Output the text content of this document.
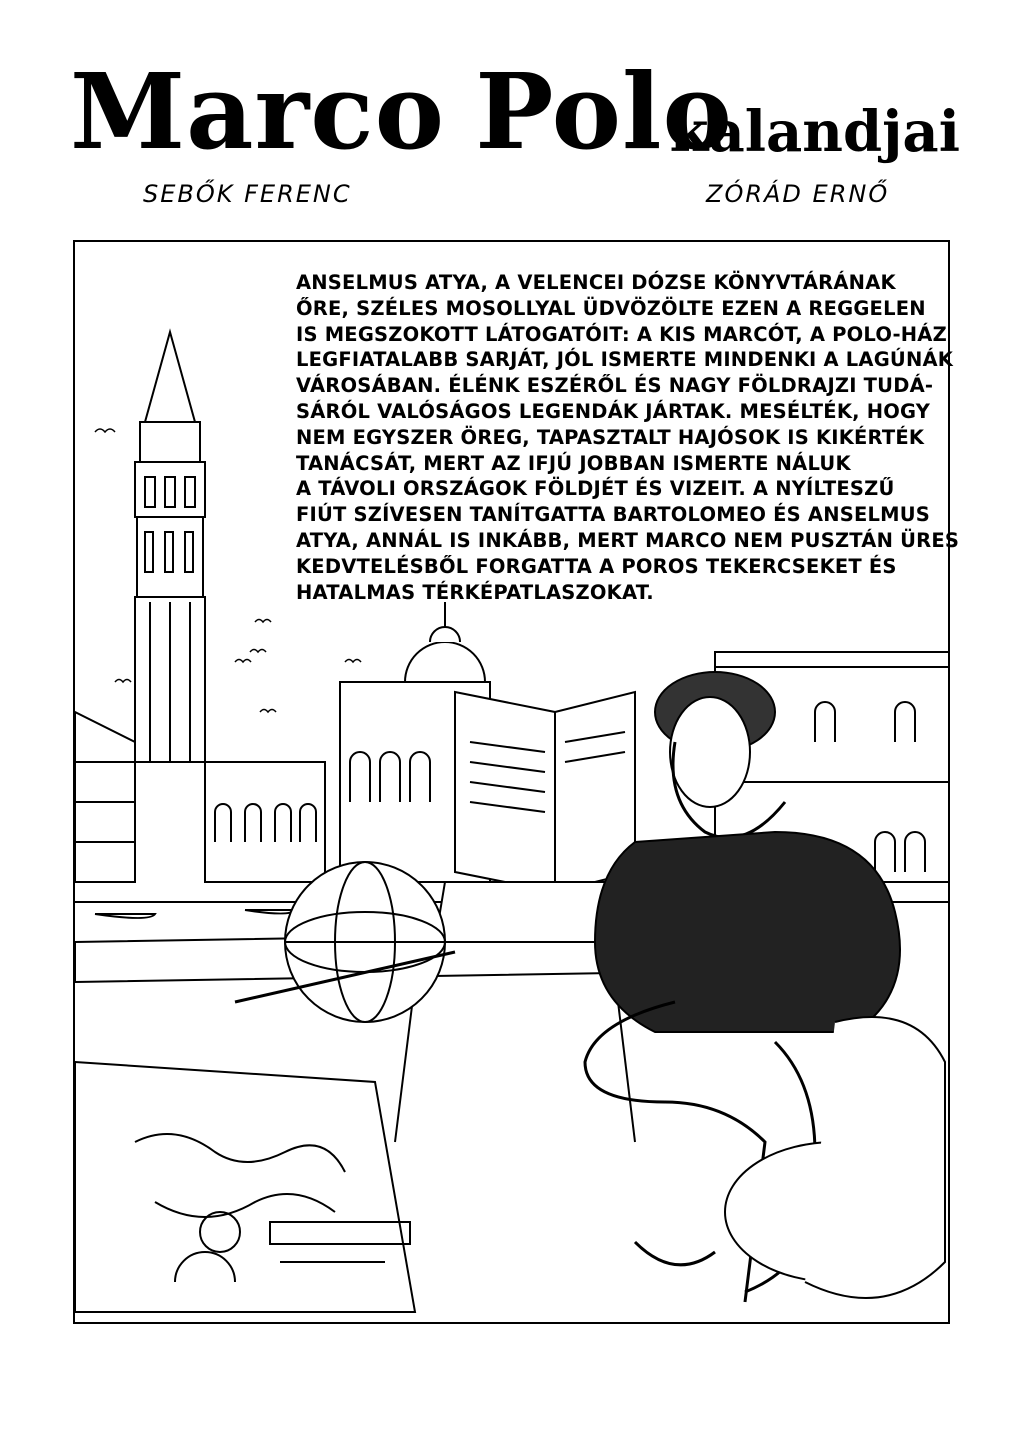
Marco Polo
kalandjai
SEBŐK FERENC	ZÓRÁD ERNŐ
ANSELMUS ATYA, A VELENCEI DÓZSE KÖNYVTÁRÁNAK
ŐRE, SZÉLES MOSOLLYAL ÜDVÖZÖLTE EZEN A REGGELEN
IS MEGSZOKOTT LÁTOGATÓIT: A KIS MARCÓT, A POLO-HÁZ
LEGFIATALABB SARJÁT, JÓL ISMERTE MINDENKI A LAGÚNÁK
VÁROSÁBAN. ÉLÉNK ESZÉRŐL ÉS NAGY FÖLDRAJZI TUDÁ-
SÁRÓL VALÓSÁGOS LEGENDÁK JÁRTAK. MESÉLTÉK, HOGY
NEM EGYSZER ÖREG, TAPASZTALT HAJÓSOK IS KIKÉRTÉK
TANÁCSÁT, MERT AZ IFJÚ JOBBAN ISMERTE NÁLUK
A TÁVOLI ORSZÁGOK FÖLDJÉT ÉS VIZEIT. A NYÍLTESZŰ
FIÚT SZÍVESEN TANÍTGATTA BARTOLOMEO ÉS ANSELMUS
ATYA, ANNÁL IS INKÁBB, MERT MARCO NEM PUSZTÁN ÜRES
KEDVTELÉSBŐL FORGATTA A POROS TEKERCSEKET ÉS
HATALMAS TÉRKÉPATLASZOKAT.
